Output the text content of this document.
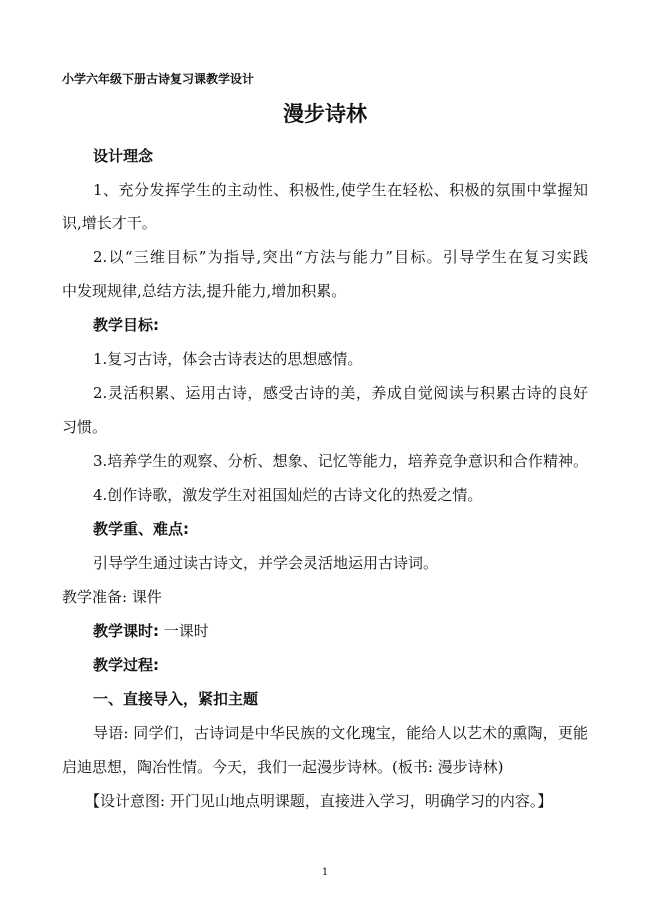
小学六年级下册古诗复习课教学设计
漫步诗林
设计理念
1、充分发挥学生的主动性、积极性,使学生在轻松、积极的氛围中掌握知
识,增长才干。
2.以“三维目标”为指导,突出“方法与能力”目标。引导学生在复习实践
中发现规律,总结方法,提升能力,增加积累。
教学目标:
1.复习古诗，体会古诗表达的思想感情。
2.灵活积累、运用古诗，感受古诗的美，养成自觉阅读与积累古诗的良好
习惯。
3.培养学生的观察、分析、想象、记忆等能力，培养竞争意识和合作精神。
4.创作诗歌，激发学生对祖国灿烂的古诗文化的热爱之情。
教学重、难点:
引导学生通过读古诗文，并学会灵活地运用古诗词。
教学准备: 课件
教学课时: 一课时
教学过程:
一、直接导入，紧扣主题
导语: 同学们，古诗词是中华民族的文化瑰宝，能给人以艺术的熏陶，更能
启迪思想，陶冶性情。今天，我们一起漫步诗林。(板书: 漫步诗林)
【设计意图: 开门见山地点明课题，直接进入学习，明确学习的内容。】
1
